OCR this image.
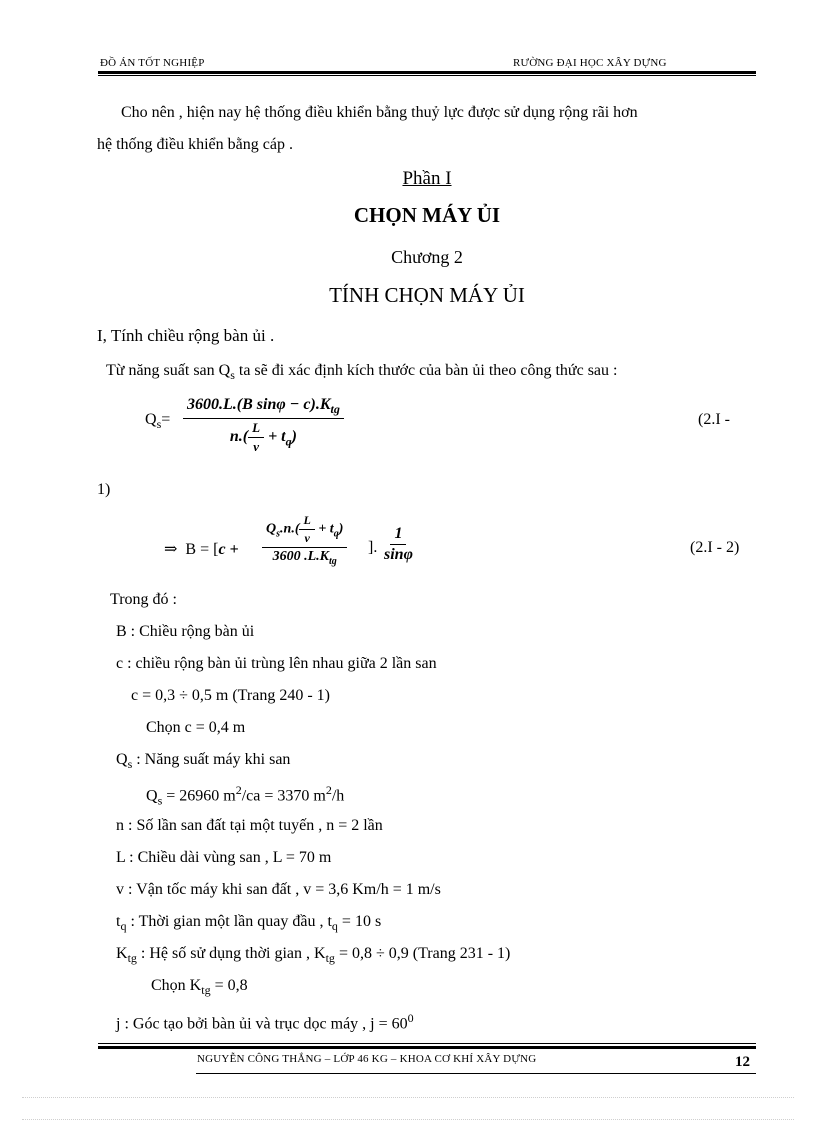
ĐỒ ÁN TỐT NGHIỆP	RƯỜNG ĐẠI HỌC XÂY DỰNG
Cho nên , hiện nay hệ thống điều khiển bằng thuỷ lực được sử dụng rộng rãi hơn
hệ thống điều khiển bằng cáp .
Phần I
CHỌN MÁY ỦI
Chương 2
TÍNH CHỌN MÁY ỦI
I, Tính chiều rộng bàn ủi .
Từ năng suất san $Q_s$ ta sẽ đi xác định kích thước của bàn ủi theo công thức sau :
$Q_s= \frac{3600.L.(B \sin\varphi - c).K_{tg}}{n.( \frac{L}{v} + t_q)}$	(2.I -
1)
⇒ $B = [c + \frac{Q_s.n.( \frac{L}{v} + t_q)}{3600 .L.K_{tg}}$ ]. $\frac{1}{\sin\varphi}$	(2.I - 2)
Trong đó :
B : Chiều rộng bàn ủi
c : chiều rộng bàn ủi trùng lên nhau giữa 2 lần san
c = 0,3 ÷ 0,5 m (Trang 240 - 1)
Chọn c = 0,4 m
$Q_s$ : Năng suất máy khi san
$Q_s = 26960$ $m^2/ca = 3370$ $m^2/h$
n : Số lần san đất tại một tuyến , n = 2 lần
L : Chiều dài vùng san , L = 70 m
v : Vận tốc máy khi san đất , v = 3,6 Km/h = 1 m/s
$t_q$ : Thời gian một lần quay đầu , $t_q = 10$ s
$K_{tg}$ : Hệ số sử dụng thời gian , $K_{tg} = 0,8 \div 0,9$ (Trang 231 - 1)
Chọn $K_{tg} = 0,8$
j : Góc tạo bởi bàn ủi và trục dọc máy , $j = 60^0$
NGUYỄN CÔNG THẮNG – LỚP 46 KG – KHOA CƠ KHÍ XÂY DỰNG	12
